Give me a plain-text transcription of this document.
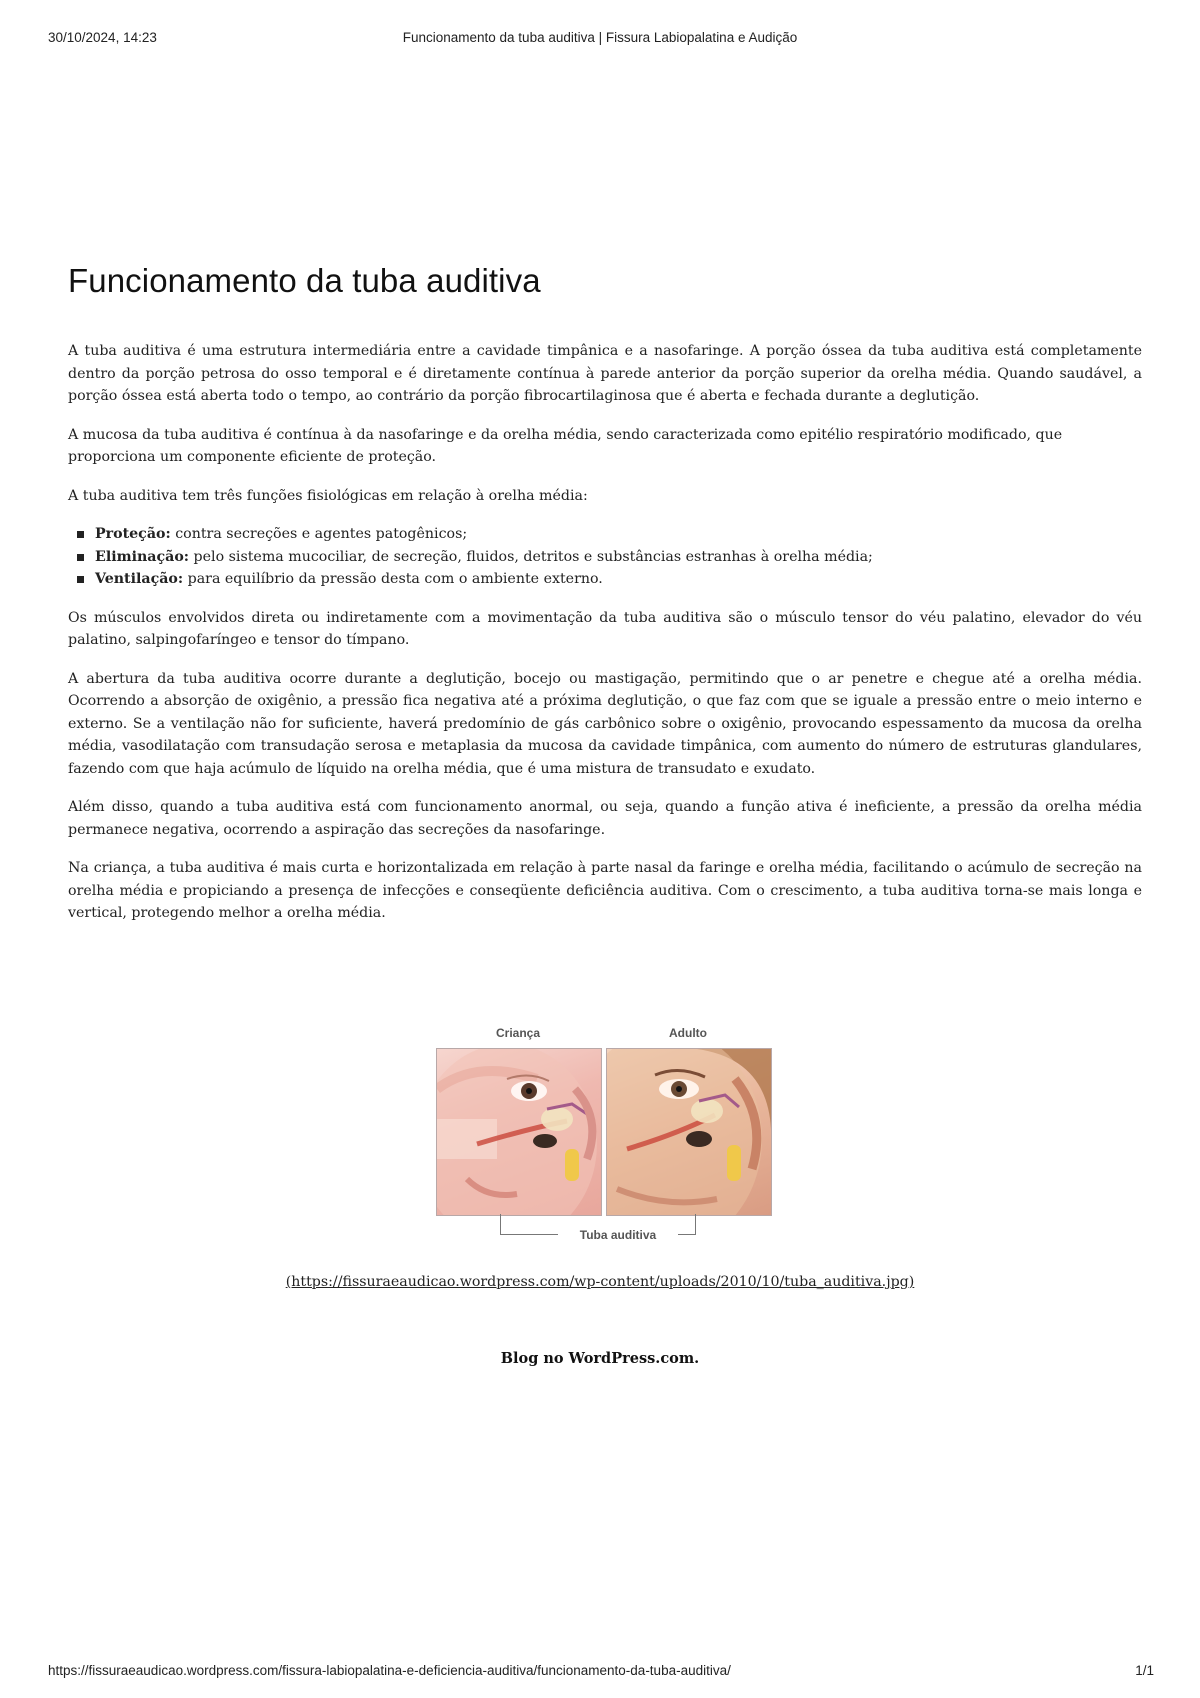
30/10/2024, 14:23	Funcionamento da tuba auditiva | Fissura Labiopalatina e Audição
Funcionamento da tuba auditiva

A tuba auditiva é uma estrutura intermediária entre a cavidade timpânica e a nasofaringe. A porção óssea da tuba auditiva está completamente dentro da porção petrosa do osso temporal e é diretamente contínua à parede anterior da porção superior da orelha média. Quando saudável, a porção óssea está aberta todo o tempo, ao contrário da porção fibrocartilaginosa que é aberta e fechada durante a deglutição.

A mucosa da tuba auditiva é contínua à da nasofaringe e da orelha média, sendo caracterizada como epitélio respiratório modificado, que proporciona um componente eficiente de proteção.

A tuba auditiva tem três funções fisiológicas em relação à orelha média:

Proteção: contra secreções e agentes patogênicos;
Eliminação: pelo sistema mucociliar, de secreção, fluidos, detritos e substâncias estranhas à orelha média;
Ventilação: para equilíbrio da pressão desta com o ambiente externo.

Os músculos envolvidos direta ou indiretamente com a movimentação da tuba auditiva são o músculo tensor do véu palatino, elevador do véu palatino, salpingofaríngeo e tensor do tímpano.

A abertura da tuba auditiva ocorre durante a deglutição, bocejo ou mastigação, permitindo que o ar penetre e chegue até a orelha média. Ocorrendo a absorção de oxigênio, a pressão fica negativa até a próxima deglutição, o que faz com que se iguale a pressão entre o meio interno e externo. Se a ventilação não for suficiente, haverá predomínio de gás carbônico sobre o oxigênio, provocando espessamento da mucosa da orelha média, vasodilatação com transudação serosa e metaplasia da mucosa da cavidade timpânica, com aumento do número de estruturas glandulares, fazendo com que haja acúmulo de líquido na orelha média, que é uma mistura de transudato e exudato.

Além disso, quando a tuba auditiva está com funcionamento anormal, ou seja, quando a função ativa é ineficiente, a pressão da orelha média permanece negativa, ocorrendo a aspiração das secreções da nasofaringe.

Na criança, a tuba auditiva é mais curta e horizontalizada em relação à parte nasal da faringe e orelha média, facilitando o acúmulo de secreção na orelha média e propiciando a presença de infecções e conseqüente deficiência auditiva. Com o crescimento, a tuba auditiva torna-se mais longa e vertical, protegendo melhor a orelha média.

Criança	Adulto
Tuba auditiva
(https://fissuraeaudicao.wordpress.com/wp-content/uploads/2010/10/tuba_auditiva.jpg)
Blog no WordPress.com.
https://fissuraeaudicao.wordpress.com/fissura-labiopalatina-e-deficiencia-auditiva/funcionamento-da-tuba-auditiva/	1/1
